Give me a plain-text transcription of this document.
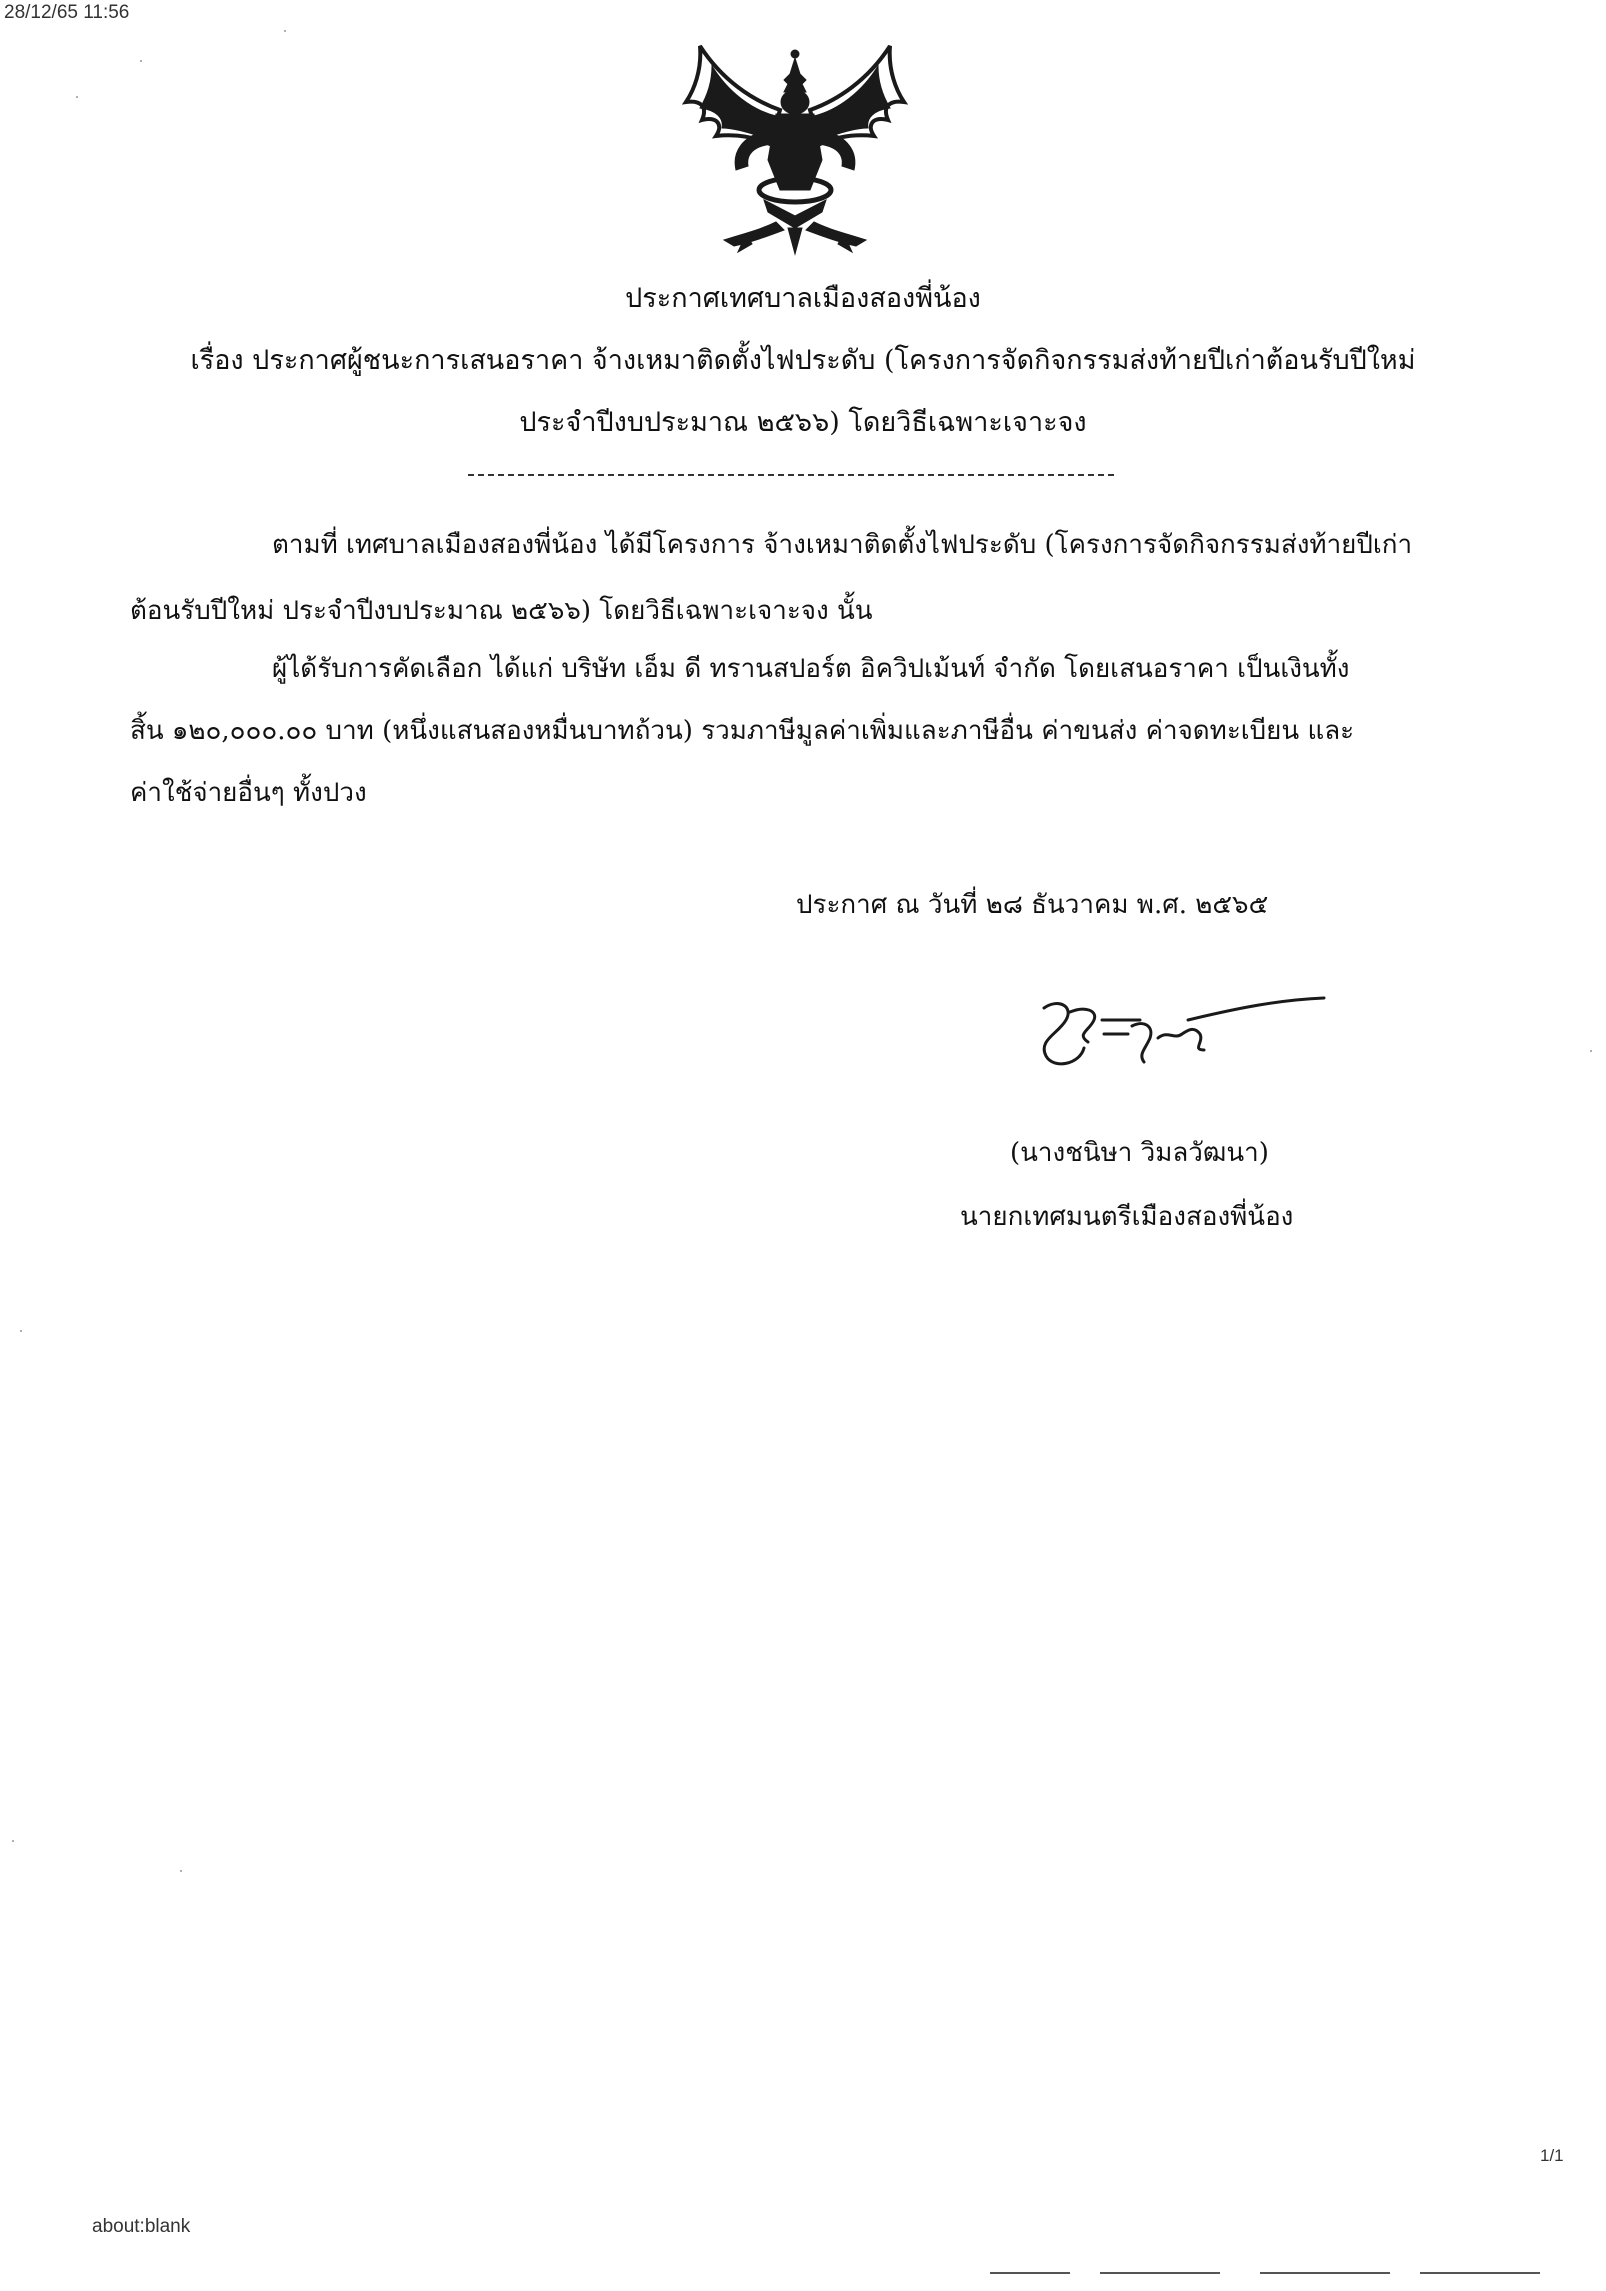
28/12/65 11:56
ประกาศเทศบาลเมืองสองพี่น้อง
เรื่อง ประกาศผู้ชนะการเสนอราคา จ้างเหมาติดตั้งไฟประดับ (โครงการจัดกิจกรรมส่งท้ายปีเก่าต้อนรับปีใหม่
ประจำปีงบประมาณ ๒๕๖๖) โดยวิธีเฉพาะเจาะจง
ตามที่ เทศบาลเมืองสองพี่น้อง ได้มีโครงการ จ้างเหมาติดตั้งไฟประดับ (โครงการจัดกิจกรรมส่งท้ายปีเก่า
ต้อนรับปีใหม่ ประจำปีงบประมาณ ๒๕๖๖) โดยวิธีเฉพาะเจาะจง นั้น
ผู้ได้รับการคัดเลือก ได้แก่ บริษัท เอ็ม ดี ทรานสปอร์ต อิควิปเม้นท์ จำกัด โดยเสนอราคา เป็นเงินทั้ง
สิ้น ๑๒๐,๐๐๐.๐๐ บาท (หนึ่งแสนสองหมื่นบาทถ้วน) รวมภาษีมูลค่าเพิ่มและภาษีอื่น ค่าขนส่ง ค่าจดทะเบียน และ
ค่าใช้จ่ายอื่นๆ ทั้งปวง
ประกาศ ณ วันที่ ๒๘ ธันวาคม พ.ศ. ๒๕๖๕
(นางชนิษา วิมลวัฒนา)
นายกเทศมนตรีเมืองสองพี่น้อง
1/1
about:blank
